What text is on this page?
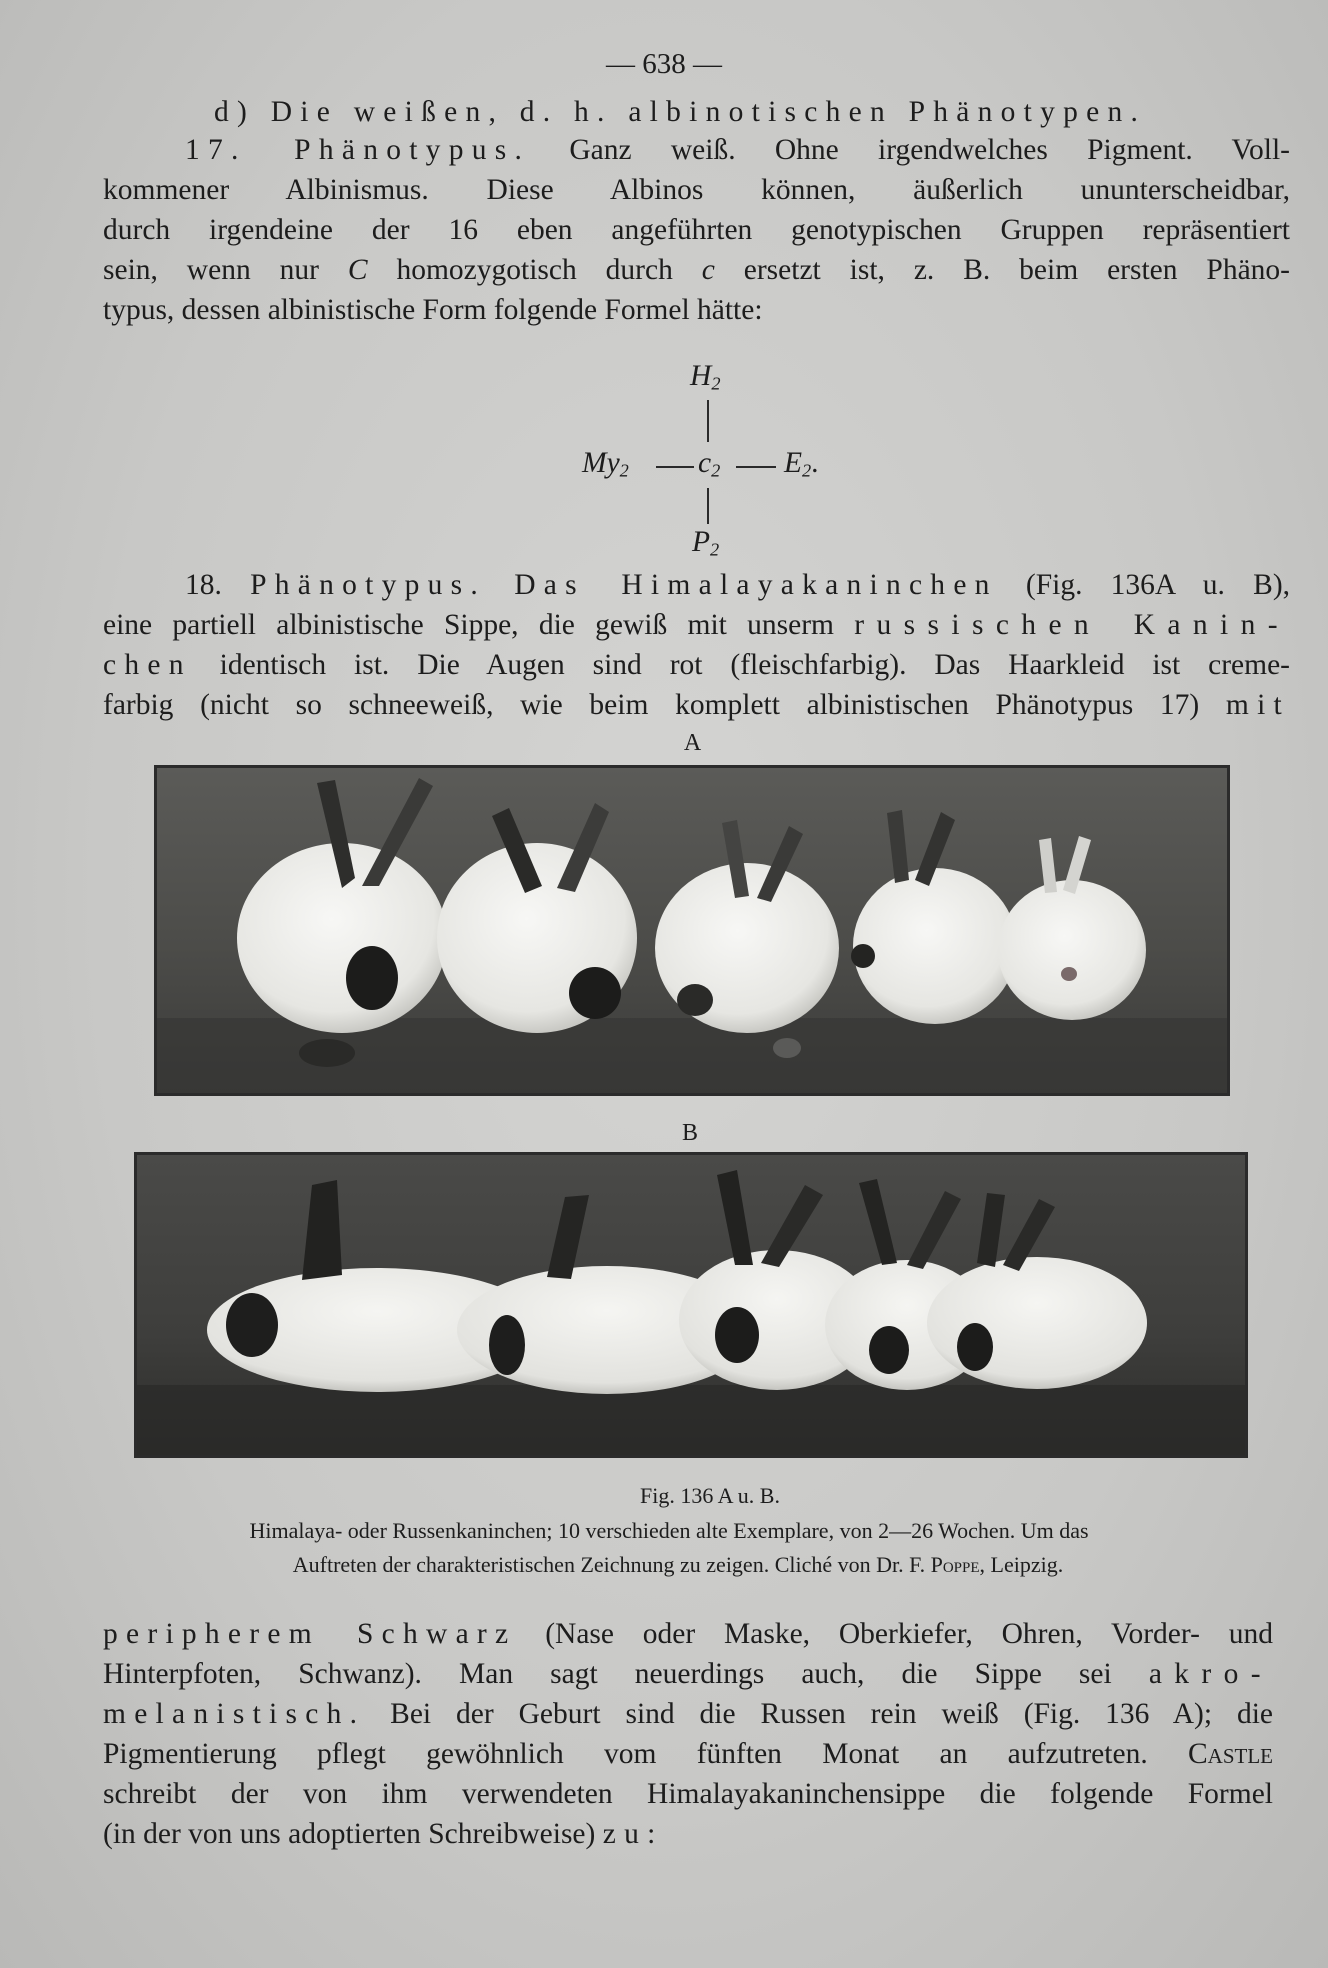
— 638 —
d) Die weißen, d. h. albinotischen Phänotypen.
17. Phänotypus. Ganz weiß. Ohne irgendwelches Pigment. Voll-
kommener Albinismus. Diese Albinos können, äußerlich ununterscheidbar,
durch irgendeine der 16 eben angeführten genotypischen Gruppen repräsentiert
sein, wenn nur C homozygotisch durch c ersetzt ist, z. B. beim ersten Phäno-
typus, dessen albinistische Form folgende Formel hätte:
$H_2$
$My_2$ $c_2$ $E_2$.
$P_2$
18. Phänotypus. Das Himalayakaninchen (Fig. 136A u. B),
eine partiell albinistische Sippe, die gewiß mit unserm russischen Kanin-
chen identisch ist. Die Augen sind rot (fleischfarbig). Das Haarkleid ist creme-
farbig (nicht so schneeweiß, wie beim komplett albinistischen Phänotypus 17) mit
A
B
Fig. 136 A u. B.
Himalaya- oder Russenkaninchen; 10 verschieden alte Exemplare, von 2—26 Wochen. Um das
Auftreten der charakteristischen Zeichnung zu zeigen. Cliché von Dr. F. Poppe, Leipzig.
peripherem Schwarz (Nase oder Maske, Oberkiefer, Ohren, Vorder- und
Hinterpfoten, Schwanz). Man sagt neuerdings auch, die Sippe sei akro-
melanistisch. Bei der Geburt sind die Russen rein weiß (Fig. 136 A); die
Pigmentierung pflegt gewöhnlich vom fünften Monat an aufzutreten. Castle
schreibt der von ihm verwendeten Himalayakaninchensippe die folgende Formel
(in der von uns adoptierten Schreibweise) zu:
